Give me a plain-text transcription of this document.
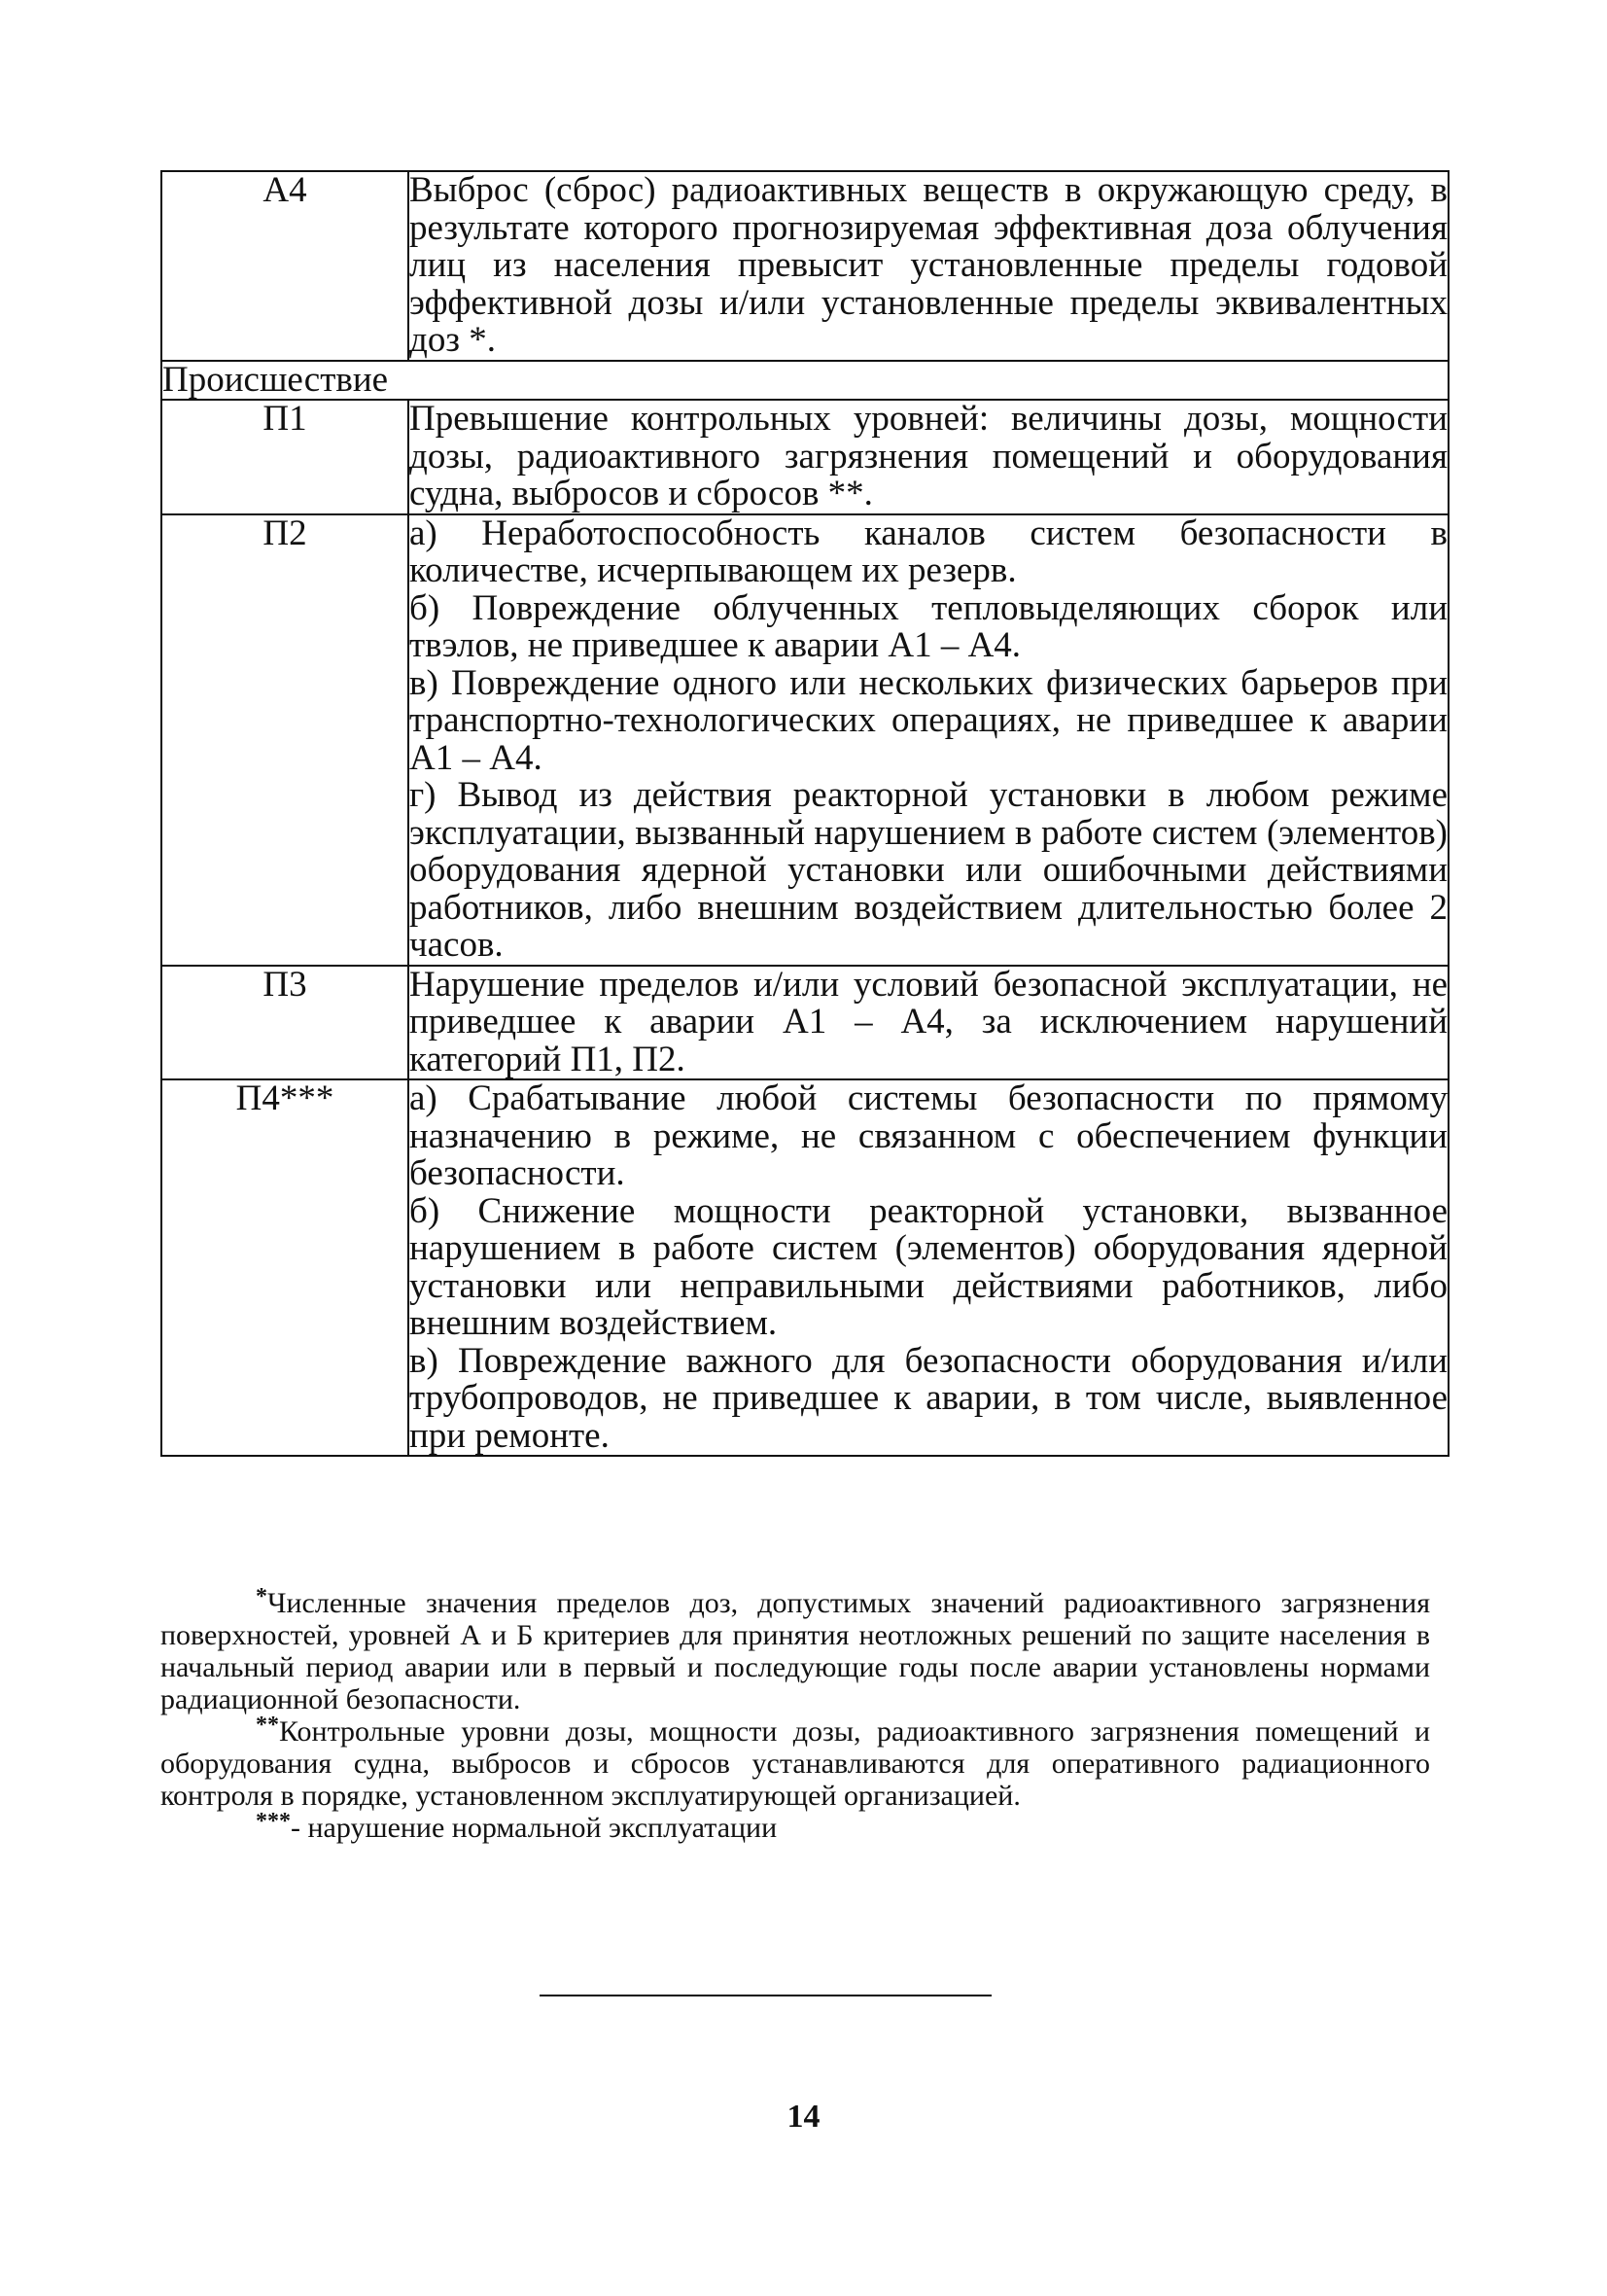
А4	Выброс (сброс) радиоактивных веществ в окружающую среду, в результате которого прогнозируемая эффективная доза облучения лиц из населения превысит установленные пределы годовой эффективной дозы и/или установленные пределы эквивалентных доз *.
Происшествие	
П1	Превышение контрольных уровней: величины дозы, мощности дозы, радиоактивного загрязнения помещений и оборудования судна, выбросов и сбросов **.
П2	а) Неработоспособность каналов систем безопасности в количестве, исчерпывающем их резерв.

б) Повреждение облученных тепловыделяющих сборок или твэлов, не приведшее к аварии А1 – А4.

в) Повреждение одного или нескольких физических барьеров при транспортно-технологических операциях, не приведшее к аварии А1 – А4.

г) Вывод из действия реакторной установки в любом режиме эксплуатации, вызванный нарушением в работе систем (элементов) оборудования ядерной установки или ошибочными действиями работников, либо внешним воздействием длительностью более 2 часов.

П3	Нарушение пределов и/или условий безопасной эксплуатации, не приведшее к аварии А1 – А4, за исключением нарушений категорий П1, П2.
П4***	а) Срабатывание любой системы безопасности по прямому назначению в режиме, не связанном с обеспечением функции безопасности.

б) Снижение мощности реакторной установки, вызванное нарушением в работе систем (элементов) оборудования ядерной установки или неправильными действиями работников, либо внешним воздействием.

в) Повреждение важного для безопасности оборудования и/или трубопроводов, не приведшее к аварии, в том числе, выявленное при ремонте.

*Численные значения пределов доз, допустимых значений радиоактивного загрязнения поверхностей, уровней А и Б критериев для принятия неотложных решений по защите населения в начальный период аварии или в первый и последующие годы после аварии установлены нормами радиационной безопасности.

**Контрольные уровни дозы, мощности дозы, радиоактивного загрязнения помещений и оборудования судна, выбросов и сбросов устанавливаются для оперативного радиационного контроля в порядке, установленном эксплуатирующей организацией.

***- нарушение нормальной эксплуатации

14
